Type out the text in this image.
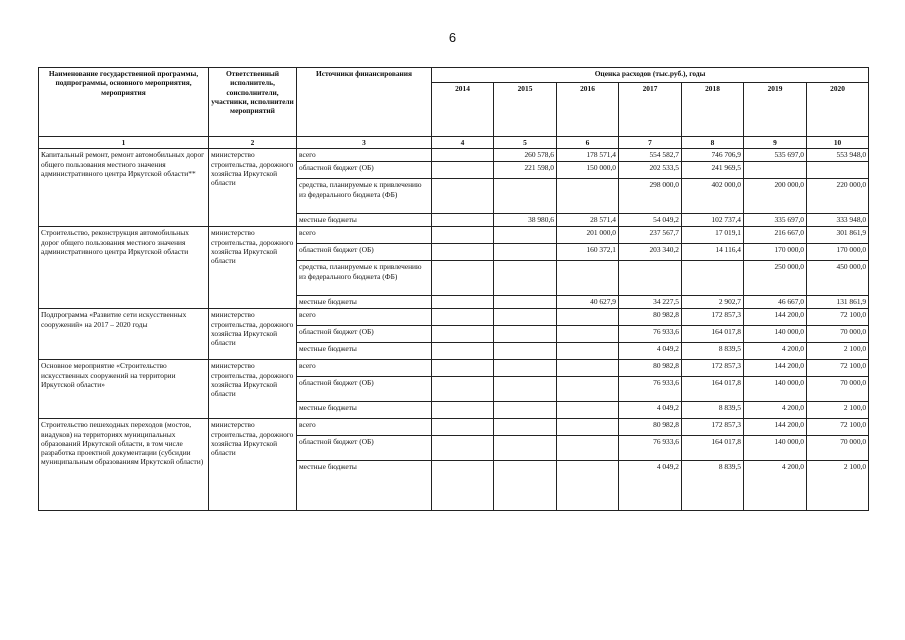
6
Наименование государственной программы, подпрограммы, основного мероприятия, мероприятия	Ответственный исполнитель, соисполнители, участники, исполнители мероприятий	Источники финансирования	Оценка расходов (тыс.руб.), годы						
			2014	2015	2016	2017	2018	2019	2020
1	2	3	4	5	6	7	8	9	10
Капитальный ремонт, ремонт автомобильных дорог общего пользования местного значения административного центра Иркутской области**	министерство строительства, дорожного хозяйства Иркутской области	всего		260 578,6	178 571,4	554 582,7	746 706,9	535 697,0	553 948,0
		областной бюджет (ОБ)		221 598,0	150 000,0	202 533,5	241 969,5		
		средства, планируемые к привлечению из федерального бюджета (ФБ)				298 000,0	402 000,0	200 000,0	220 000,0
		местные бюджеты		38 980,6	28 571,4	54 049,2	102 737,4	335 697,0	333 948,0
Строительство, реконструкция автомобильных дорог общего пользования местного значения административного центра Иркутской области	министерство строительства, дорожного хозяйства Иркутской области	всего			201 000,0	237 567,7	17 019,1	216 667,0	301 861,9
		областной бюджет (ОБ)			160 372,1	203 340,2	14 116,4	170 000,0	170 000,0
		средства, планируемые к привлечению из федерального бюджета (ФБ)						250 000,0	450 000,0
		местные бюджеты			40 627,9	34 227,5	2 902,7	46 667,0	131 861,9
Подпрограмма «Развитие сети искусственных сооружений» на 2017 – 2020 годы	министерство строительства, дорожного хозяйства Иркутской области	всего				80 982,8	172 857,3	144 200,0	72 100,0
		областной бюджет (ОБ)				76 933,6	164 017,8	140 000,0	70 000,0
		местные бюджеты				4 049,2	8 839,5	4 200,0	2 100,0
Основное мероприятие «Строительство искусственных сооружений на территории Иркутской области»	министерство строительства, дорожного хозяйства Иркутской области	всего				80 982,8	172 857,3	144 200,0	72 100,0
		областной бюджет (ОБ)				76 933,6	164 017,8	140 000,0	70 000,0
		местные бюджеты				4 049,2	8 839,5	4 200,0	2 100,0
Строительство пешеходных переходов (мостов, виадуков) на территориях муниципальных образований Иркутской области, в том числе разработка проектной документации (субсидии муниципальным образованиям Иркутской области)	министерство строительства, дорожного хозяйства Иркутской области	всего				80 982,8	172 857,3	144 200,0	72 100,0
		областной бюджет (ОБ)				76 933,6	164 017,8	140 000,0	70 000,0
		местные бюджеты				4 049,2	8 839,5	4 200,0	2 100,0
